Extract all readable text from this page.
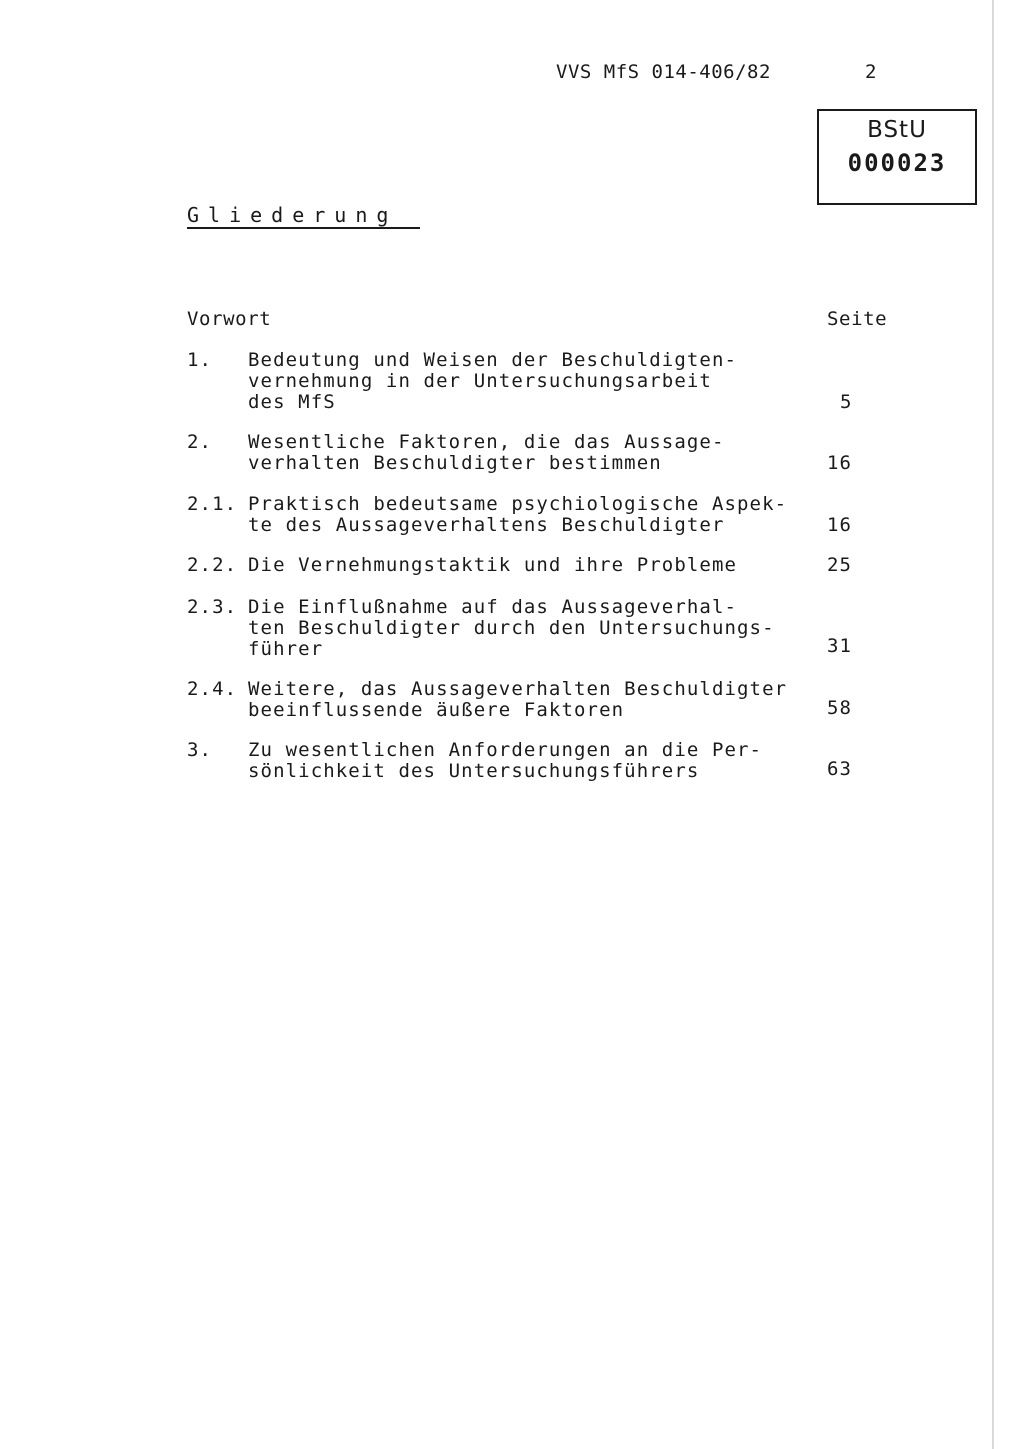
VVS MfS 014-406/82	2
BStU
000023
Gliederung
Vorwort	Seite
1. Bedeutung und Weisen der Beschuldigten-
vernehmung in der Untersuchungsarbeit
des MfS	5
2. Wesentliche Faktoren, die das Aussage-
verhalten Beschuldigter bestimmen	16
2.1. Praktisch bedeutsame psychiologische Aspek-
te des Aussageverhaltens Beschuldigter	16
2.2. Die Vernehmungstaktik und ihre Probleme	25
2.3. Die Einflußnahme auf das Aussageverhal-
ten Beschuldigter durch den Untersuchungs-
führer	31
2.4. Weitere, das Aussageverhalten Beschuldigter
beeinflussende äußere Faktoren	58
3. Zu wesentlichen Anforderungen an die Per-
sönlichkeit des Untersuchungsführers	63
